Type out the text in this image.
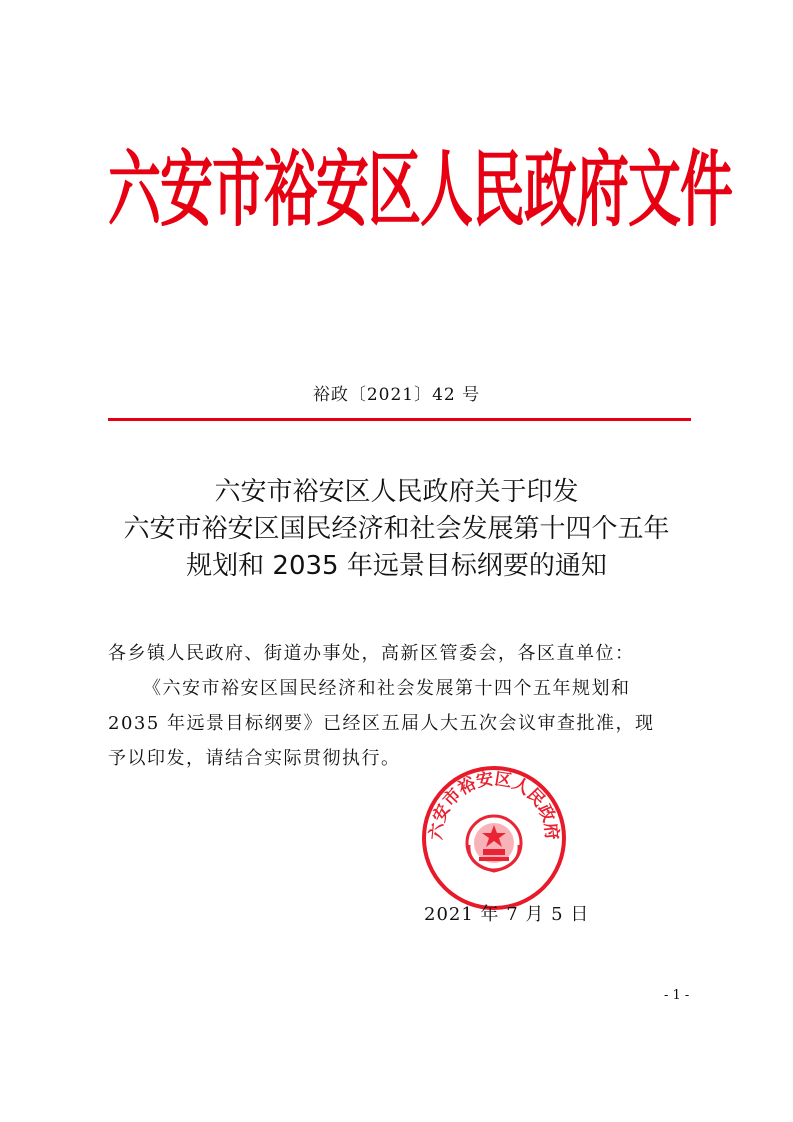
六安市裕安区人民政府文件
裕政〔2021〕42 号
六安市裕安区人民政府关于印发
六安市裕安区国民经济和社会发展第十四个五年
规划和 2035 年远景目标纲要的通知
各乡镇人民政府、街道办事处，高新区管委会，各区直单位：
《六安市裕安区国民经济和社会发展第十四个五年规划和
2035 年远景目标纲要》已经区五届人大五次会议审查批准，现
予以印发，请结合实际贯彻执行。
六安市裕安区人民政府
2021 年 7 月 5 日
- 1 -
